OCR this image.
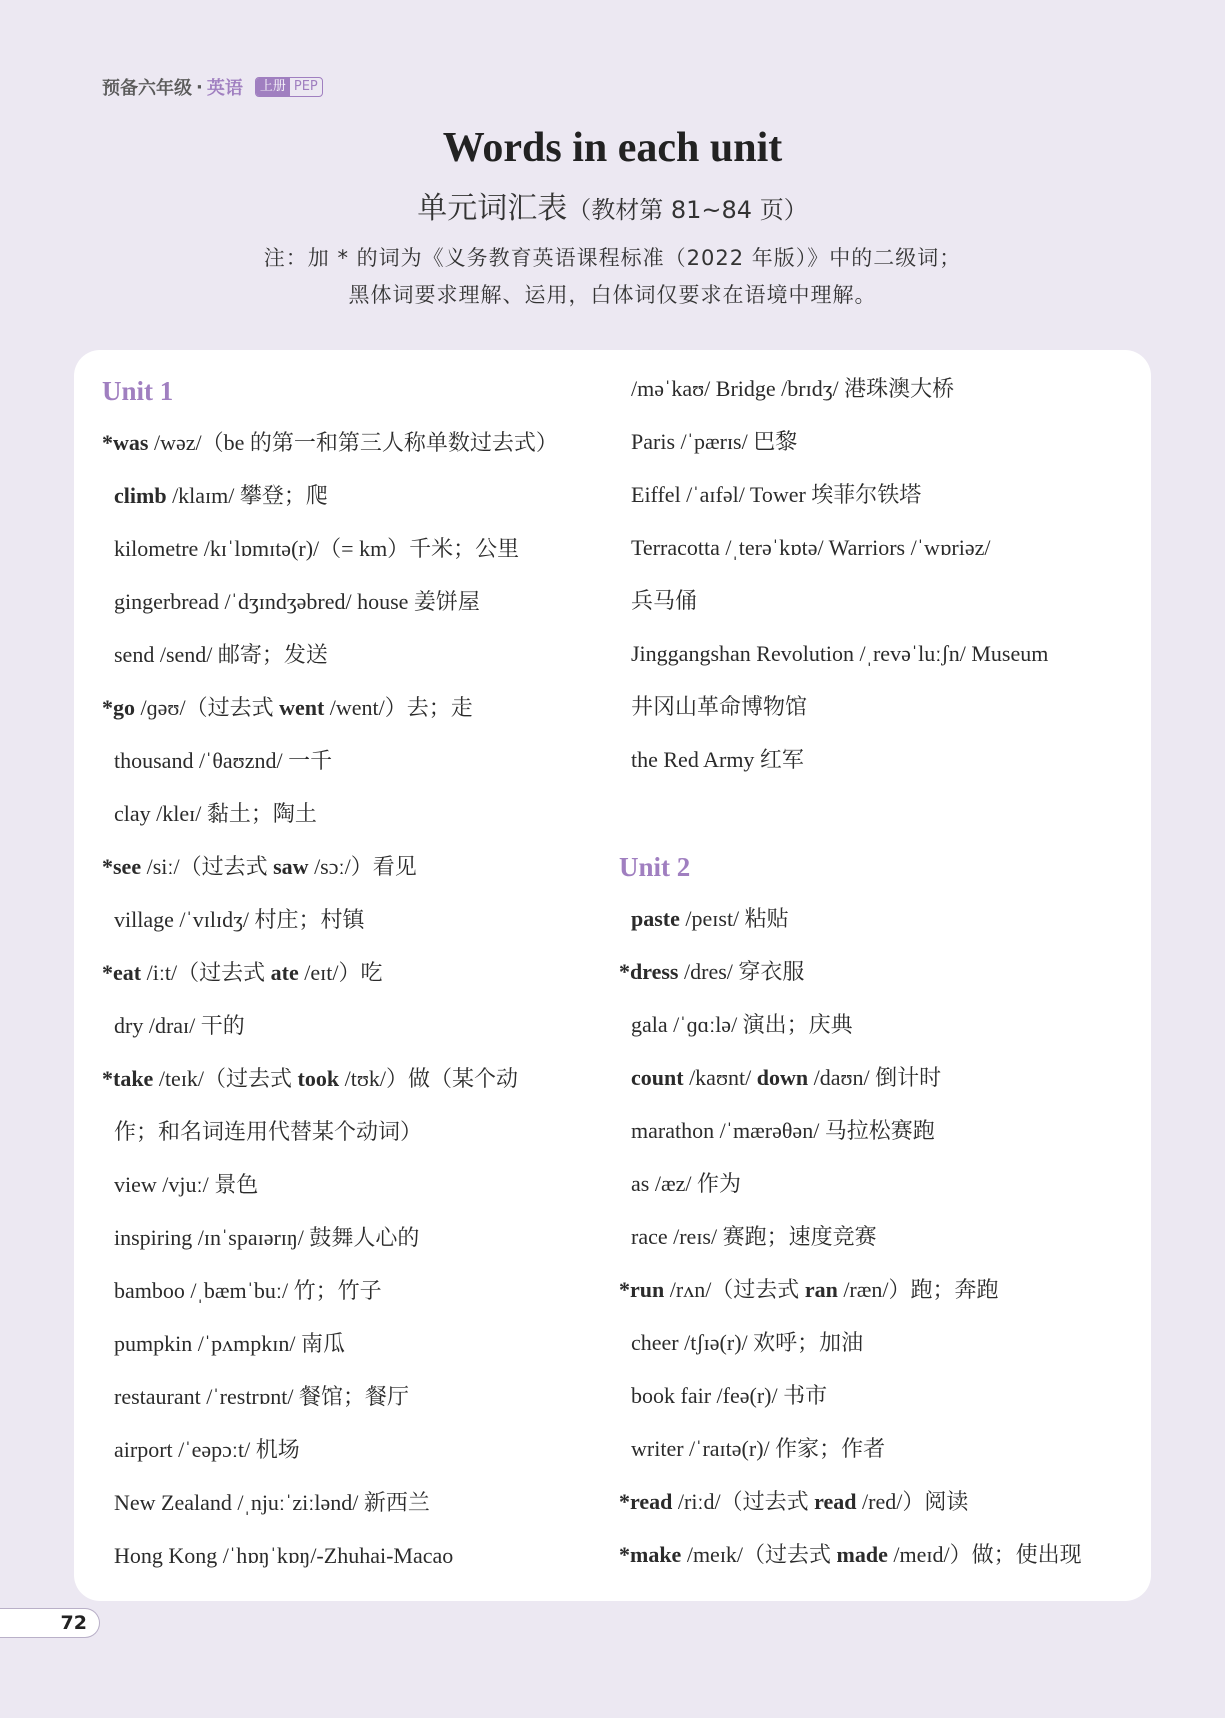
预备六年级 · 英语	上册 PEP
Words in each unit
单元词汇表（教材第 81~84 页）
注：加 * 的词为《义务教育英语课程标准（2022 年版）》中的二级词；
黑体词要求理解、运用，白体词仅要求在语境中理解。
Unit 1
*was /wəz/（be 的第一和第三人称单数过去式）
climb /klaɪm/ 攀登；爬
kilometre /kɪˈlɒmɪtə(r)/（= km）千米；公里
gingerbread /ˈdʒɪndʒəbred/ house 姜饼屋
send /send/ 邮寄；发送
*go /ɡəʊ/（过去式 went /went/）去；走
thousand /ˈθaʊznd/ 一千
clay /kleɪ/ 黏土；陶土
*see /siː/（过去式 saw /sɔː/）看见
village /ˈvɪlɪdʒ/ 村庄；村镇
*eat /iːt/（过去式 ate /eɪt/）吃
dry /draɪ/ 干的
*take /teɪk/（过去式 took /tʊk/）做（某个动
作；和名词连用代替某个动词）
view /vjuː/ 景色
inspiring /ɪnˈspaɪərɪŋ/ 鼓舞人心的
bamboo /ˌbæmˈbuː/ 竹；竹子
pumpkin /ˈpʌmpkɪn/ 南瓜
restaurant /ˈrestrɒnt/ 餐馆；餐厅
airport /ˈeəpɔːt/ 机场
New Zealand /ˌnjuːˈziːlənd/ 新西兰
Hong Kong /ˈhɒŋˈkɒŋ/-Zhuhai-Macao
/məˈkaʊ/ Bridge /brɪdʒ/ 港珠澳大桥
Paris /ˈpærɪs/ 巴黎
Eiffel /ˈaɪfəl/ Tower 埃菲尔铁塔
Terracotta /ˌterəˈkɒtə/ Warriors /ˈwɒriəz/
兵马俑
Jinggangshan Revolution /ˌrevəˈluːʃn/ Museum
井冈山革命博物馆
the Red Army 红军
Unit 2
paste /peɪst/ 粘贴
*dress /dres/ 穿衣服
gala /ˈɡɑːlə/ 演出；庆典
count /kaʊnt/ down /daʊn/ 倒计时
marathon /ˈmærəθən/ 马拉松赛跑
as /æz/ 作为
race /reɪs/ 赛跑；速度竞赛
*run /rʌn/（过去式 ran /ræn/）跑；奔跑
cheer /tʃɪə(r)/ 欢呼；加油
book fair /feə(r)/ 书市
writer /ˈraɪtə(r)/ 作家；作者
*read /riːd/（过去式 read /red/）阅读
*make /meɪk/（过去式 made /meɪd/）做；使出现
72
